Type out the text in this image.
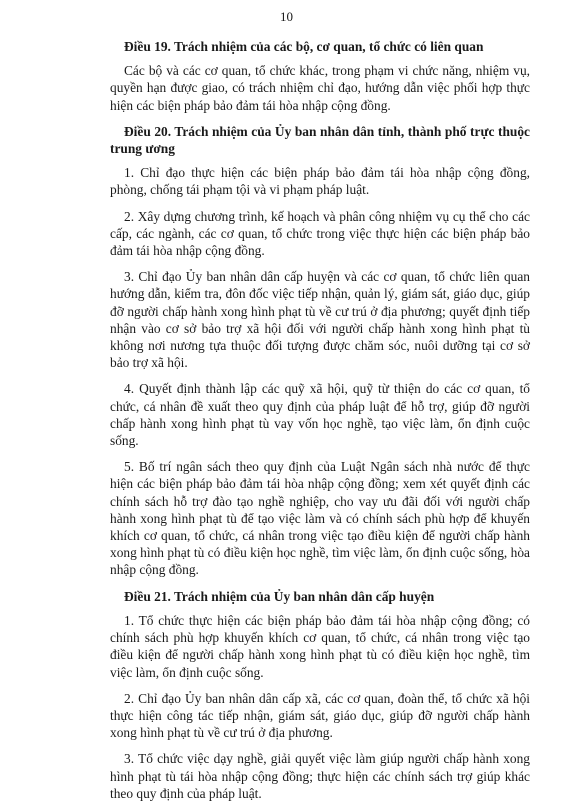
10

Điều 19. Trách nhiệm của các bộ, cơ quan, tổ chức có liên quan

Các bộ và các cơ quan, tổ chức khác, trong phạm vi chức năng, nhiệm vụ, quyền hạn được giao, có trách nhiệm chỉ đạo, hướng dẫn việc phối hợp thực hiện các biện pháp bảo đảm tái hòa nhập cộng đồng.

Điều 20. Trách nhiệm của Ủy ban nhân dân tỉnh, thành phố trực thuộc trung ương

1. Chỉ đạo thực hiện các biện pháp bảo đảm tái hòa nhập cộng đồng, phòng, chống tái phạm tội và vi phạm pháp luật.

2. Xây dựng chương trình, kế hoạch và phân công nhiệm vụ cụ thể cho các cấp, các ngành, các cơ quan, tổ chức trong việc thực hiện các biện pháp bảo đảm tái hòa nhập cộng đồng.

3. Chỉ đạo Ủy ban nhân dân cấp huyện và các cơ quan, tổ chức liên quan hướng dẫn, kiểm tra, đôn đốc việc tiếp nhận, quản lý, giám sát, giáo dục, giúp đỡ người chấp hành xong hình phạt tù về cư trú ở địa phương; quyết định tiếp nhận vào cơ sở bảo trợ xã hội đối với người chấp hành xong hình phạt tù không nơi nương tựa thuộc đối tượng được chăm sóc, nuôi dưỡng tại cơ sở bảo trợ xã hội.

4. Quyết định thành lập các quỹ xã hội, quỹ từ thiện do các cơ quan, tổ chức, cá nhân đề xuất theo quy định của pháp luật để hỗ trợ, giúp đỡ người chấp hành xong hình phạt tù vay vốn học nghề, tạo việc làm, ổn định cuộc sống.

5. Bố trí ngân sách theo quy định của Luật Ngân sách nhà nước để thực hiện các biện pháp bảo đảm tái hòa nhập cộng đồng; xem xét quyết định các chính sách hỗ trợ đào tạo nghề nghiệp, cho vay ưu đãi đối với người chấp hành xong hình phạt tù để tạo việc làm và có chính sách phù hợp để khuyến khích cơ quan, tổ chức, cá nhân trong việc tạo điều kiện để người chấp hành xong hình phạt tù có điều kiện học nghề, tìm việc làm, ổn định cuộc sống, hòa nhập cộng đồng.

Điều 21. Trách nhiệm của Ủy ban nhân dân cấp huyện

1. Tổ chức thực hiện các biện pháp bảo đảm tái hòa nhập cộng đồng; có chính sách phù hợp khuyến khích cơ quan, tổ chức, cá nhân trong việc tạo điều kiện để người chấp hành xong hình phạt tù có điều kiện học nghề, tìm việc làm, ổn định cuộc sống.

2. Chỉ đạo Ủy ban nhân dân cấp xã, các cơ quan, đoàn thể, tổ chức xã hội thực hiện công tác tiếp nhận, giám sát, giáo dục, giúp đỡ người chấp hành xong hình phạt tù về cư trú ở địa phương.

3. Tổ chức việc dạy nghề, giải quyết việc làm giúp người chấp hành xong hình phạt tù tái hòa nhập cộng đồng; thực hiện các chính sách trợ giúp khác theo quy định của pháp luật.
